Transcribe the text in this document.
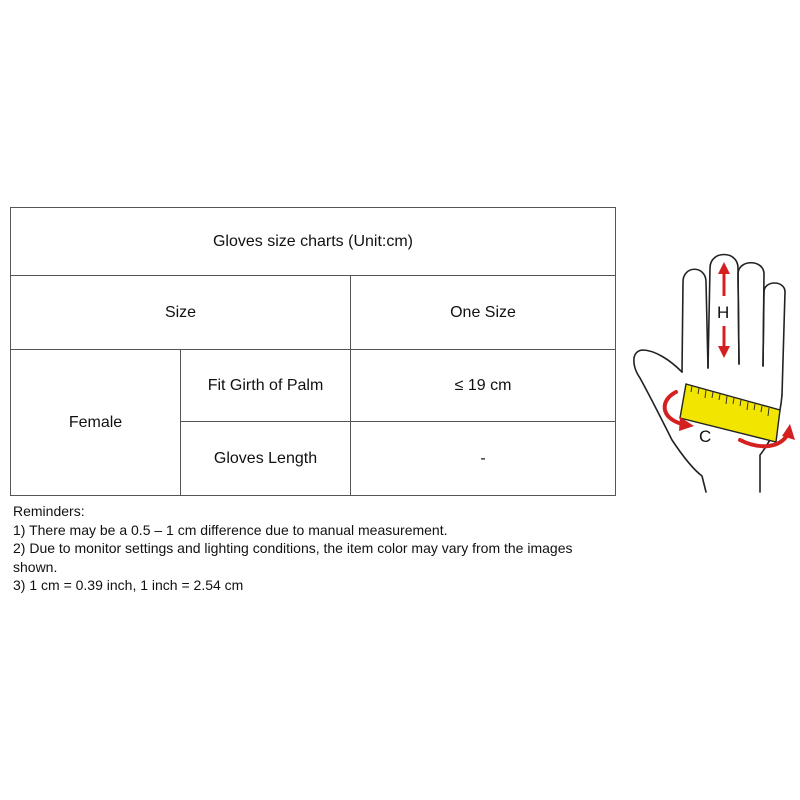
Gloves size charts (Unit:cm)		
Size		One Size
Female	Fit Girth of Palm	≤ 19 cm
	Gloves Length	-
Reminders:
1) There may be a 0.5 – 1 cm difference due to manual measurement.
2) Due to monitor settings and lighting conditions, the item color may vary from the images shown.
3) 1 cm = 0.39 inch, 1 inch = 2.54 cm
H
C
